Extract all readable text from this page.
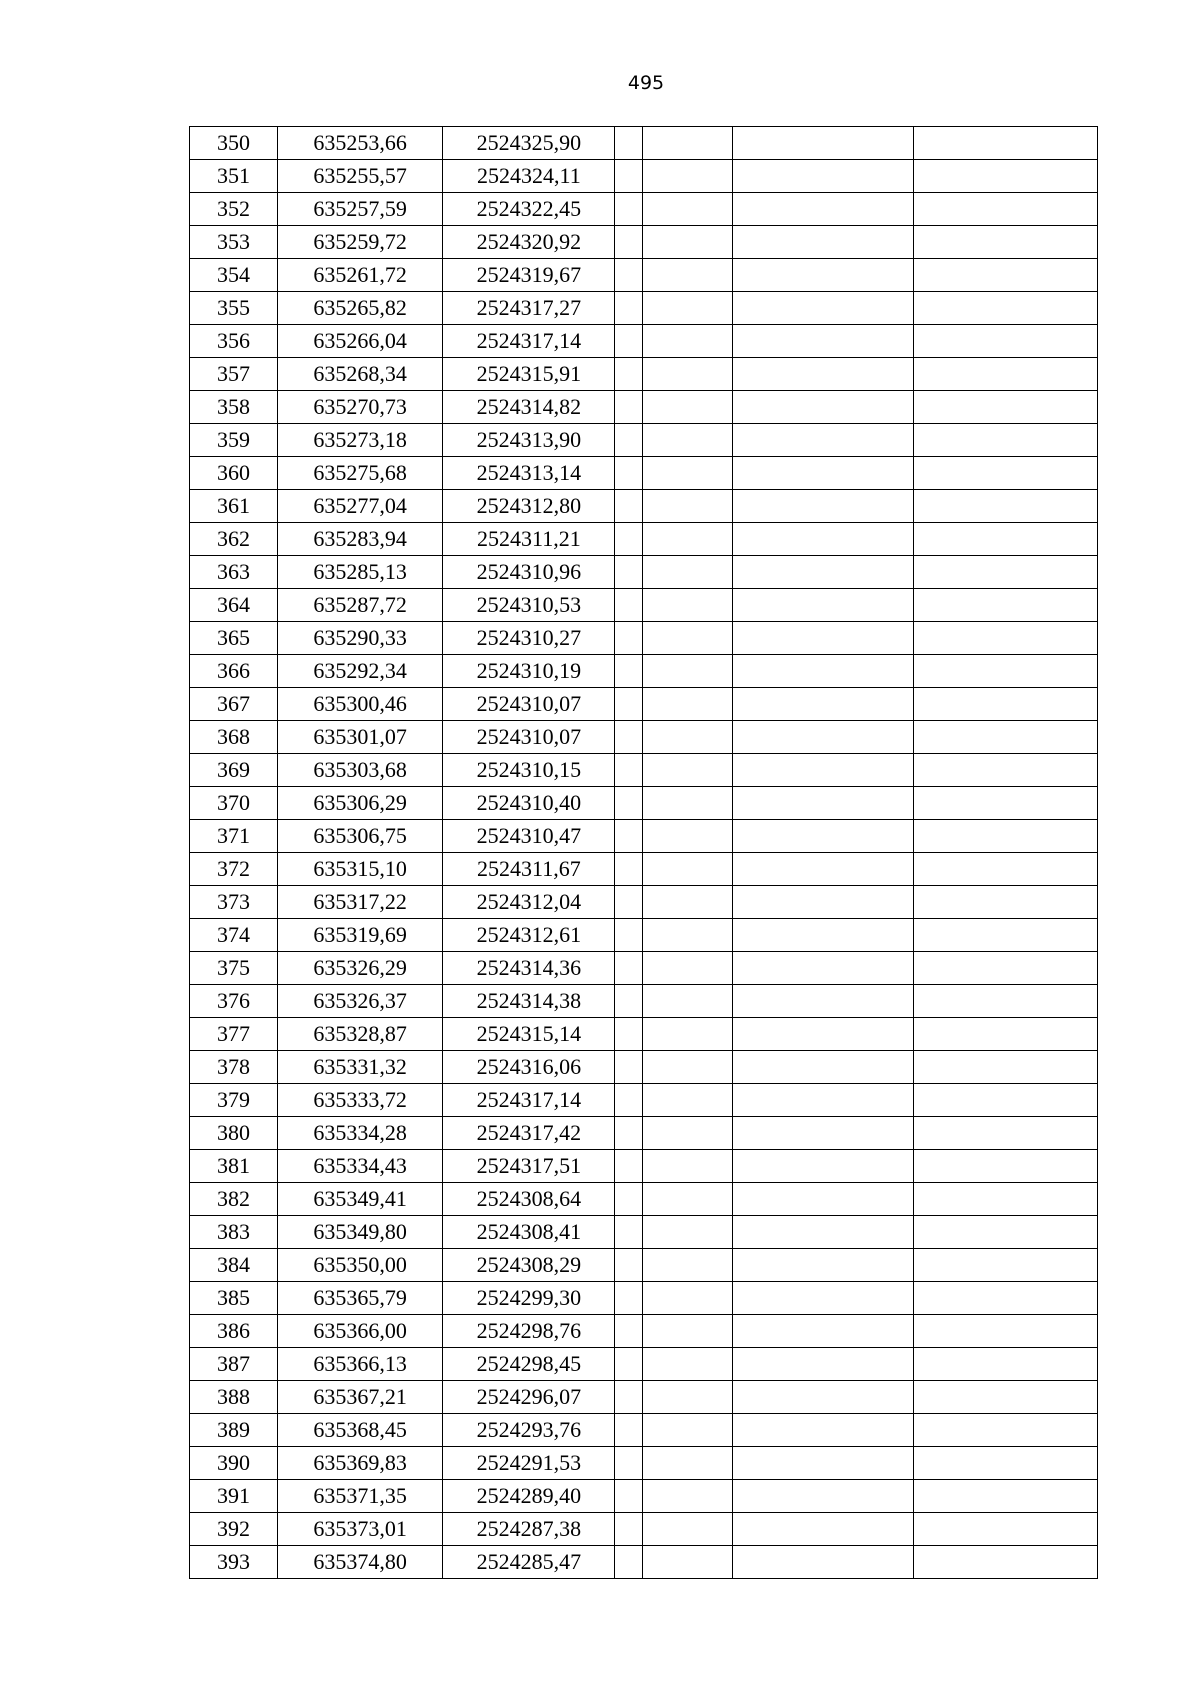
495
350	635253,66	2524325,90				
351	635255,57	2524324,11				
352	635257,59	2524322,45				
353	635259,72	2524320,92				
354	635261,72	2524319,67				
355	635265,82	2524317,27				
356	635266,04	2524317,14				
357	635268,34	2524315,91				
358	635270,73	2524314,82				
359	635273,18	2524313,90				
360	635275,68	2524313,14				
361	635277,04	2524312,80				
362	635283,94	2524311,21				
363	635285,13	2524310,96				
364	635287,72	2524310,53				
365	635290,33	2524310,27				
366	635292,34	2524310,19				
367	635300,46	2524310,07				
368	635301,07	2524310,07				
369	635303,68	2524310,15				
370	635306,29	2524310,40				
371	635306,75	2524310,47				
372	635315,10	2524311,67				
373	635317,22	2524312,04				
374	635319,69	2524312,61				
375	635326,29	2524314,36				
376	635326,37	2524314,38				
377	635328,87	2524315,14				
378	635331,32	2524316,06				
379	635333,72	2524317,14				
380	635334,28	2524317,42				
381	635334,43	2524317,51				
382	635349,41	2524308,64				
383	635349,80	2524308,41				
384	635350,00	2524308,29				
385	635365,79	2524299,30				
386	635366,00	2524298,76				
387	635366,13	2524298,45				
388	635367,21	2524296,07				
389	635368,45	2524293,76				
390	635369,83	2524291,53				
391	635371,35	2524289,40				
392	635373,01	2524287,38				
393	635374,80	2524285,47				
